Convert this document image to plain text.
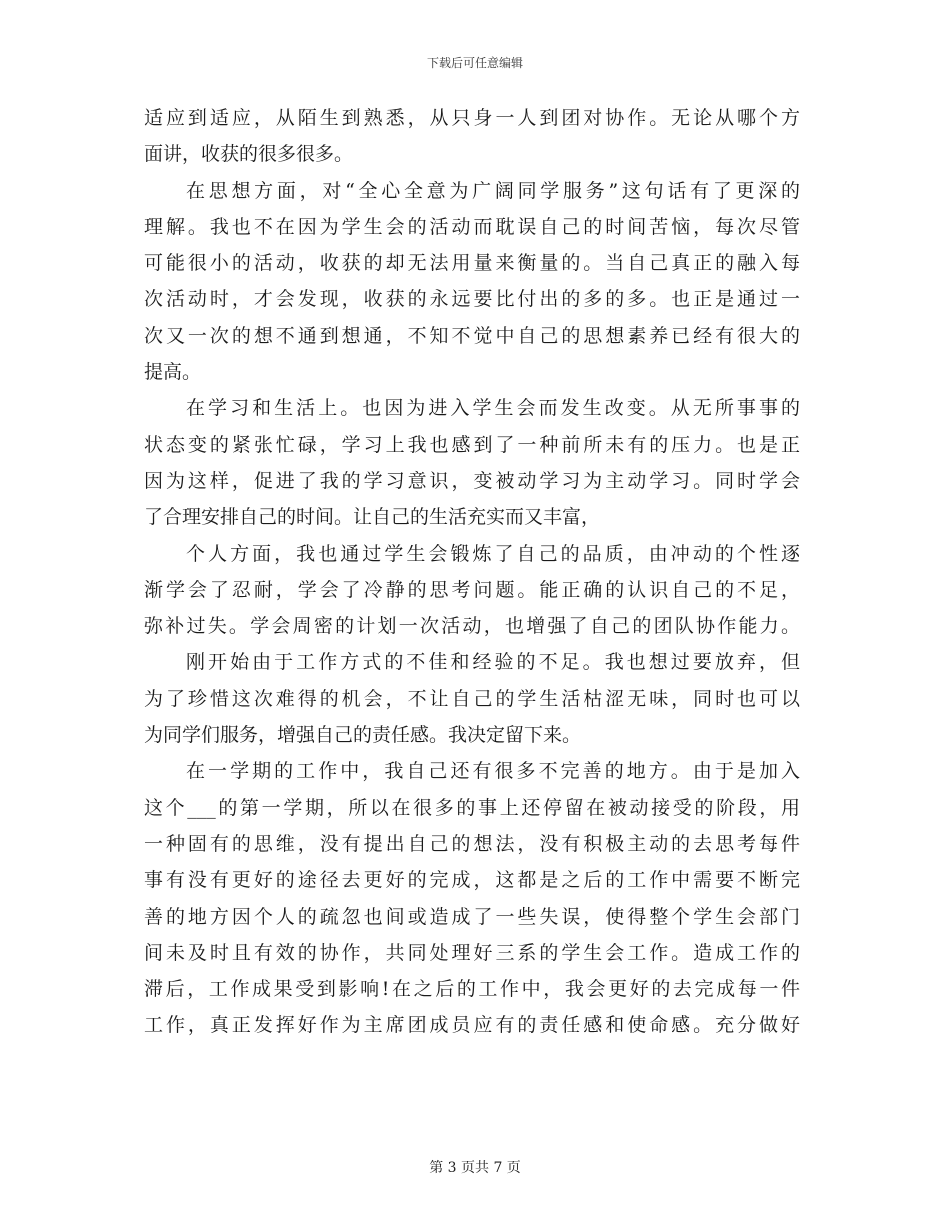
下载后可任意编辑
适应到适应，从陌生到熟悉，从只身一人到团对协作。无论从哪个方
面讲，收获的很多很多。
在思想方面，对“全心全意为广阔同学服务”这句话有了更深的
理解。我也不在因为学生会的活动而耽误自己的时间苦恼，每次尽管
可能很小的活动，收获的却无法用量来衡量的。当自己真正的融入每
次活动时，才会发现，收获的永远要比付出的多的多。也正是通过一
次又一次的想不通到想通，不知不觉中自己的思想素养已经有很大的
提高。
在学习和生活上。也因为进入学生会而发生改变。从无所事事的
状态变的紧张忙碌，学习上我也感到了一种前所未有的压力。也是正
因为这样，促进了我的学习意识，变被动学习为主动学习。同时学会
了合理安排自己的时间。让自己的生活充实而又丰富，
个人方面，我也通过学生会锻炼了自己的品质，由冲动的个性逐
渐学会了忍耐，学会了冷静的思考问题。能正确的认识自己的不足，
弥补过失。学会周密的计划一次活动，也增强了自己的团队协作能力。
刚开始由于工作方式的不佳和经验的不足。我也想过要放弃，但
为了珍惜这次难得的机会，不让自己的学生活枯涩无味，同时也可以
为同学们服务，增强自己的责任感。我决定留下来。
在一学期的工作中，我自己还有很多不完善的地方。由于是加入
这个___的第一学期，所以在很多的事上还停留在被动接受的阶段，用
一种固有的思维，没有提出自己的想法，没有积极主动的去思考每件
事有没有更好的途径去更好的完成，这都是之后的工作中需要不断完
善的地方因个人的疏忽也间或造成了一些失误，使得整个学生会部门
间未及时且有效的协作，共同处理好三系的学生会工作。造成工作的
滞后，工作成果受到影响!在之后的工作中，我会更好的去完成每一件
工作，真正发挥好作为主席团成员应有的责任感和使命感。充分做好
第 3 页共 7 页
